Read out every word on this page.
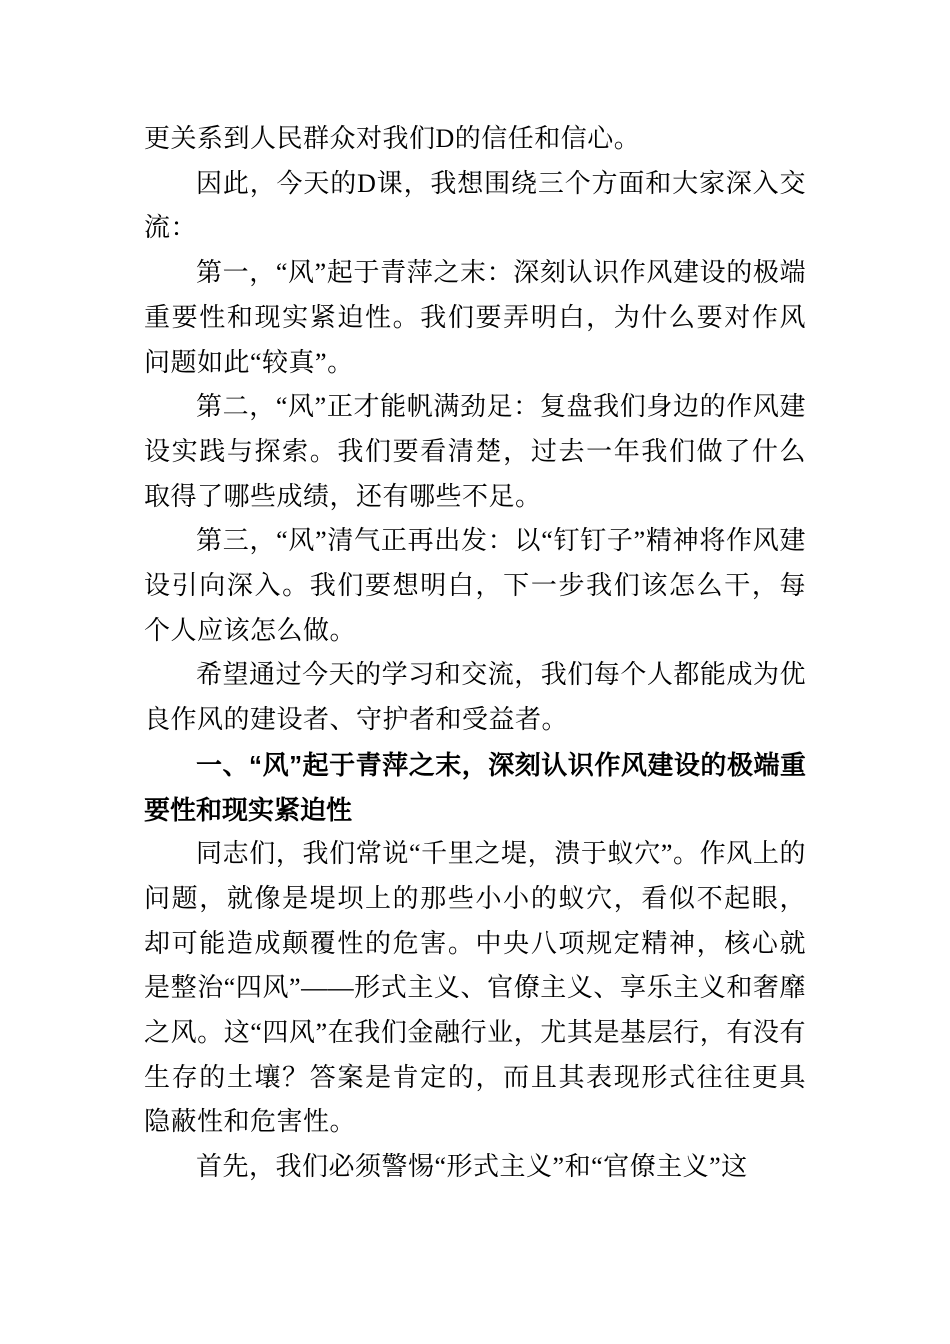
更关系到人民群众对我们D的信任和信心。

因此，今天的D课，我想围绕三个方面和大家深入交流：

第一，“风”起于青萍之末：深刻认识作风建设的极端重要性和现实紧迫性。我们要弄明白，为什么要对作风问题如此“较真”。

第二，“风”正才能帆满劲足：复盘我们身边的作风建设实践与探索。我们要看清楚，过去一年我们做了什么取得了哪些成绩，还有哪些不足。

第三，“风”清气正再出发：以“钉钉子”精神将作风建设引向深入。我们要想明白，下一步我们该怎么干，每个人应该怎么做。

希望通过今天的学习和交流，我们每个人都能成为优良作风的建设者、守护者和受益者。

一、“风”起于青萍之末，深刻认识作风建设的极端重要性和现实紧迫性

同志们，我们常说“千里之堤，溃于蚁穴”。作风上的问题，就像是堤坝上的那些小小的蚁穴，看似不起眼，却可能造成颠覆性的危害。中央八项规定精神，核心就是整治“四风”——形式主义、官僚主义、享乐主义和奢靡之风。这“四风”在我们金融行业，尤其是基层行，有没有生存的土壤？答案是肯定的，而且其表现形式往往更具隐蔽性和危害性。

首先，我们必须警惕“形式主义”和“官僚主义”这
